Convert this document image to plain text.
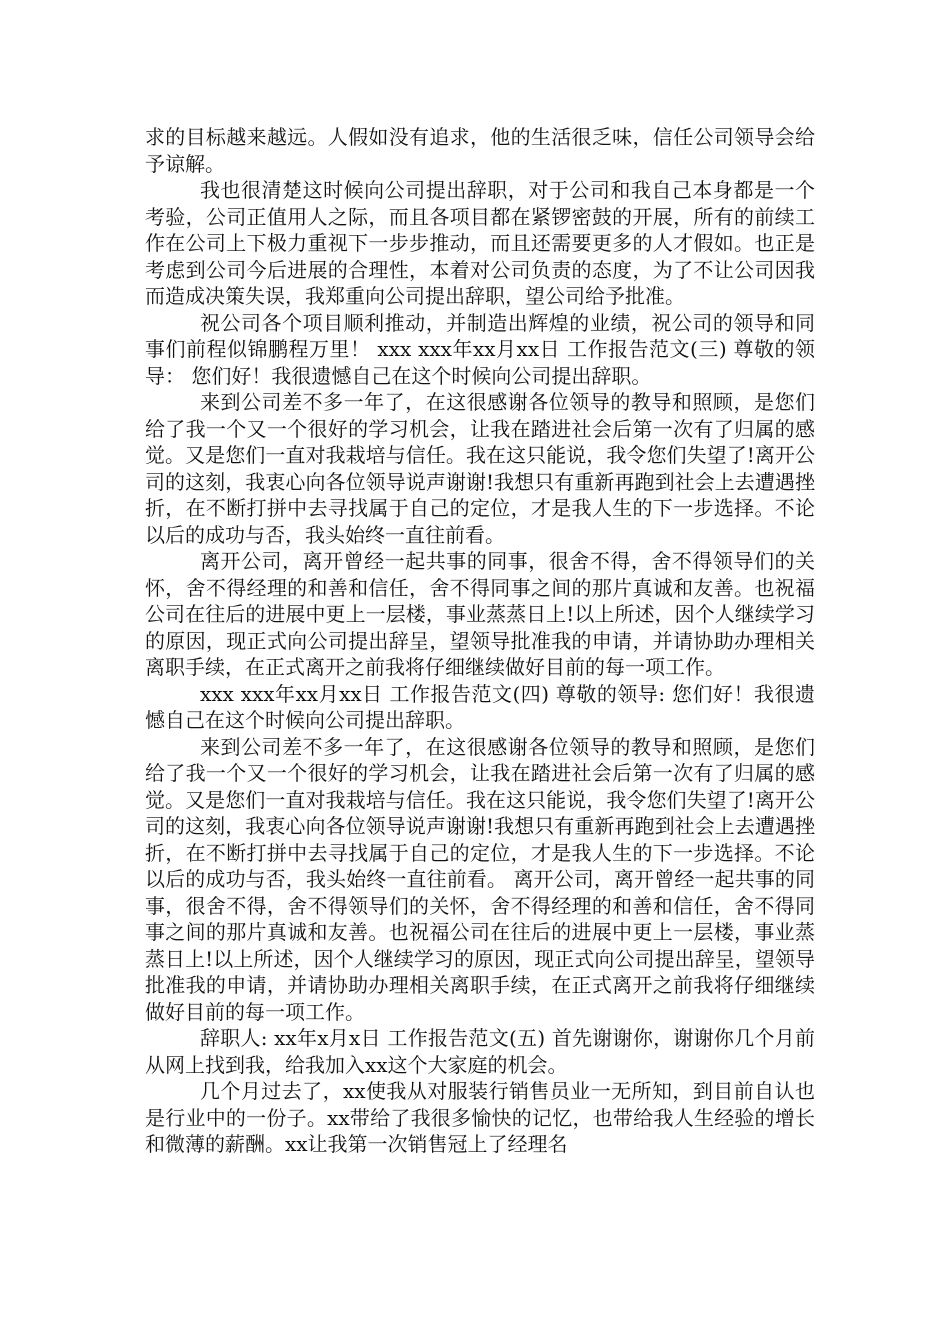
求的目标越来越远。人假如没有追求，他的生活很乏味，信任公司领导会给予谅解。

我也很清楚这时候向公司提出辞职，对于公司和我自己本身都是一个考验，公司正值用人之际，而且各项目都在紧锣密鼓的开展，所有的前续工作在公司上下极力重视下一步步推动，而且还需要更多的人才假如。也正是考虑到公司今后进展的合理性，本着对公司负责的态度，为了不让公司因我而造成决策失误，我郑重向公司提出辞职，望公司给予批准。

祝公司各个项目顺利推动，并制造出辉煌的业绩，祝公司的领导和同事们前程似锦鹏程万里！ xxx xxx年xx月xx日 工作报告范文(三) 尊敬的领导： 您们好！我很遗憾自己在这个时候向公司提出辞职。

来到公司差不多一年了，在这很感谢各位领导的教导和照顾，是您们给了我一个又一个很好的学习机会，让我在踏进社会后第一次有了归属的感觉。又是您们一直对我栽培与信任。我在这只能说，我令您们失望了!离开公司的这刻，我衷心向各位领导说声谢谢!我想只有重新再跑到社会上去遭遇挫折，在不断打拼中去寻找属于自己的定位，才是我人生的下一步选择。不论以后的成功与否，我头始终一直往前看。

离开公司，离开曾经一起共事的同事，很舍不得，舍不得领导们的关怀，舍不得经理的和善和信任，舍不得同事之间的那片真诚和友善。也祝福公司在往后的进展中更上一层楼，事业蒸蒸日上!以上所述，因个人继续学习的原因，现正式向公司提出辞呈，望领导批准我的申请，并请协助办理相关离职手续，在正式离开之前我将仔细继续做好目前的每一项工作。

xxx xxx年xx月xx日 工作报告范文(四) 尊敬的领导: 您们好！我很遗憾自己在这个时候向公司提出辞职。

来到公司差不多一年了，在这很感谢各位领导的教导和照顾，是您们给了我一个又一个很好的学习机会，让我在踏进社会后第一次有了归属的感觉。又是您们一直对我栽培与信任。我在这只能说，我令您们失望了!离开公司的这刻，我衷心向各位领导说声谢谢!我想只有重新再跑到社会上去遭遇挫折，在不断打拼中去寻找属于自己的定位，才是我人生的下一步选择。不论以后的成功与否，我头始终一直往前看。 离开公司，离开曾经一起共事的同事，很舍不得，舍不得领导们的关怀，舍不得经理的和善和信任，舍不得同事之间的那片真诚和友善。也祝福公司在往后的进展中更上一层楼，事业蒸蒸日上!以上所述，因个人继续学习的原因，现正式向公司提出辞呈，望领导批准我的申请，并请协助办理相关离职手续，在正式离开之前我将仔细继续做好目前的每一项工作。

辞职人: xx年x月x日 工作报告范文(五) 首先谢谢你，谢谢你几个月前从网上找到我，给我加入xx这个大家庭的机会。

几个月过去了，xx使我从对服装行销售员业一无所知，到目前自认也是行业中的一份子。xx带给了我很多愉快的记忆，也带给我人生经验的增长和微薄的薪酬。xx让我第一次销售冠上了经理名
